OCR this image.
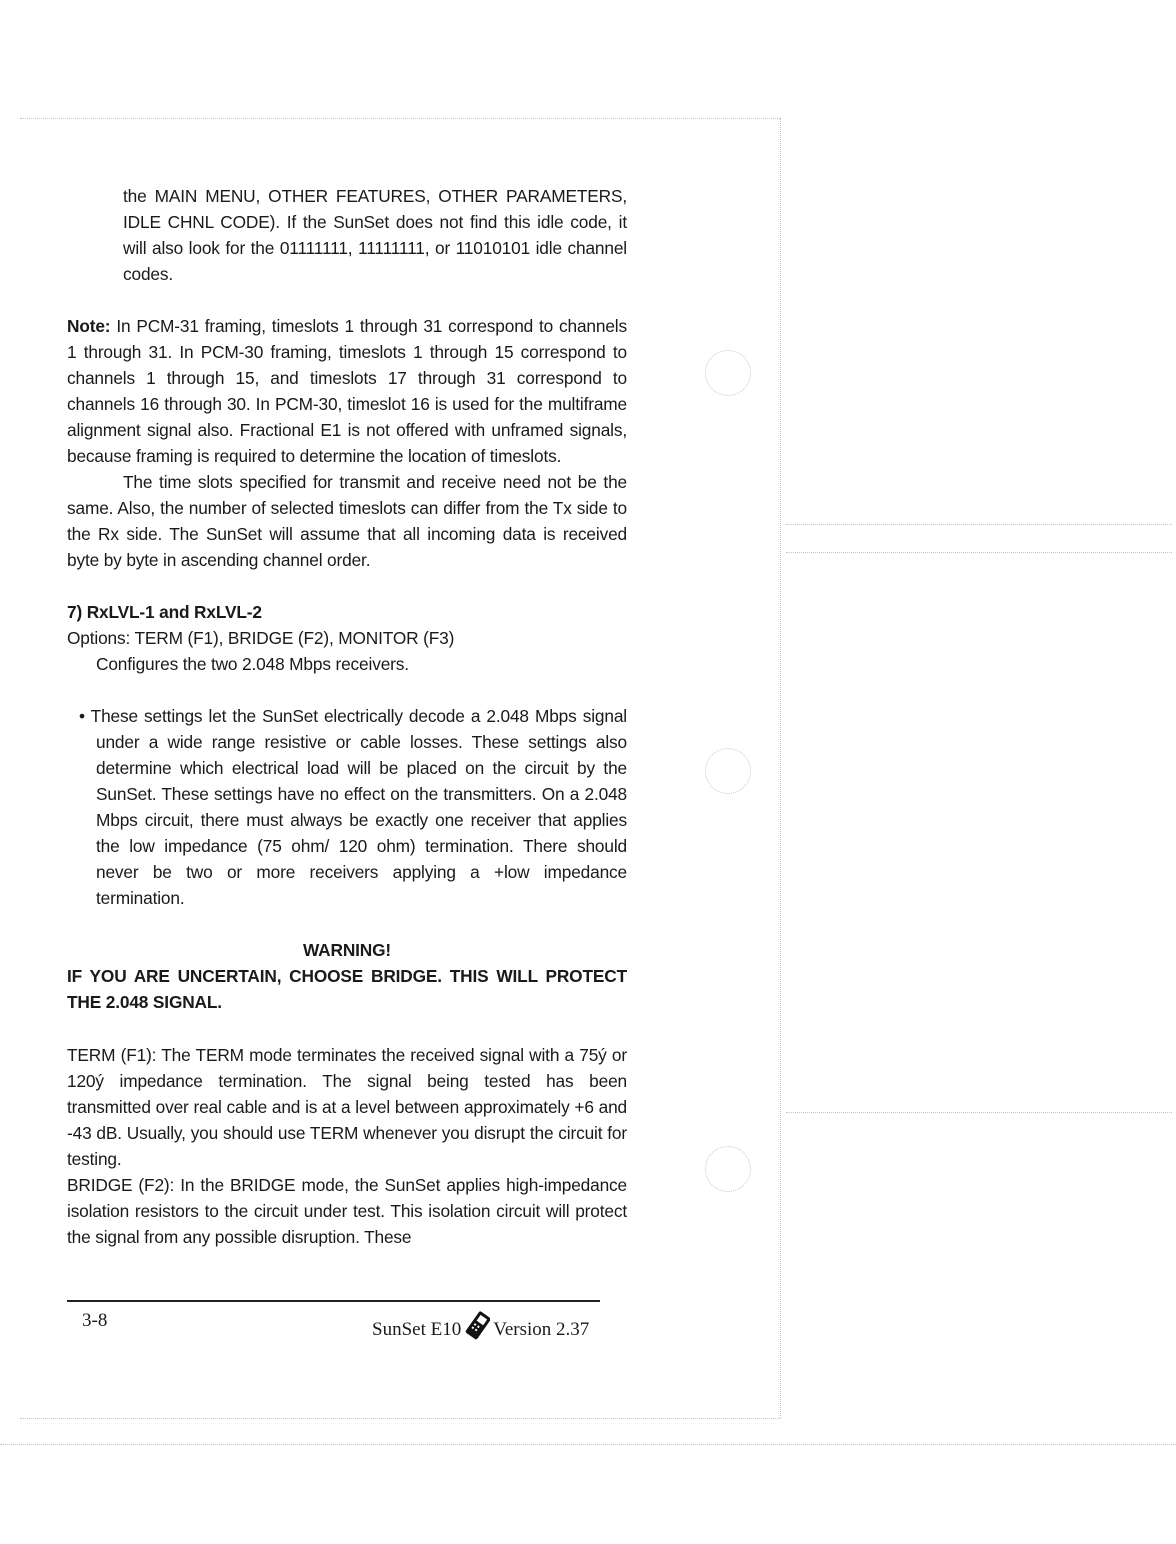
the MAIN MENU, OTHER FEATURES, OTHER PARAMETERS, IDLE CHNL CODE). If the SunSet does not find this idle code, it will also look for the 01111111, 11111111, or 11010101 idle channel codes.

Note: In PCM-31 framing, timeslots 1 through 31 correspond to channels 1 through 31. In PCM-30 framing, timeslots 1 through 15 correspond to channels 1 through 15, and timeslots 17 through 31 correspond to channels 16 through 30. In PCM-30, timeslot 16 is used for the multiframe alignment signal also. Fractional E1 is not offered with unframed signals, because framing is required to determine the location of timeslots.

The time slots specified for transmit and receive need not be the same. Also, the number of selected timeslots can differ from the Tx side to the Rx side. The SunSet will assume that all incoming data is received byte by byte in ascending channel order.

7) RxLVL-1 and RxLVL-2

Options: TERM (F1), BRIDGE (F2), MONITOR (F3)

Configures the two 2.048 Mbps receivers.

• These settings let the SunSet electrically decode a 2.048 Mbps signal under a wide range resistive or cable losses. These settings also determine which electrical load will be placed on the circuit by the SunSet. These settings have no effect on the transmitters. On a 2.048 Mbps circuit, there must always be exactly one receiver that applies the low impedance (75 ohm/ 120 ohm) termination. There should never be two or more receivers applying a +low impedance termination.

WARNING!

IF YOU ARE UNCERTAIN, CHOOSE BRIDGE. THIS WILL PROTECT THE 2.048 SIGNAL.

TERM (F1): The TERM mode terminates the received signal with a 75ý or 120ý impedance termination. The signal being tested has been transmitted over real cable and is at a level between approximately +6 and -43 dB. Usually, you should use TERM whenever you disrupt the circuit for testing.

BRIDGE (F2): In the BRIDGE mode, the SunSet applies high-impedance isolation resistors to the circuit under test. This isolation circuit will protect the signal from any possible disruption. These

3-8	SunSet E10 Version 2.37
